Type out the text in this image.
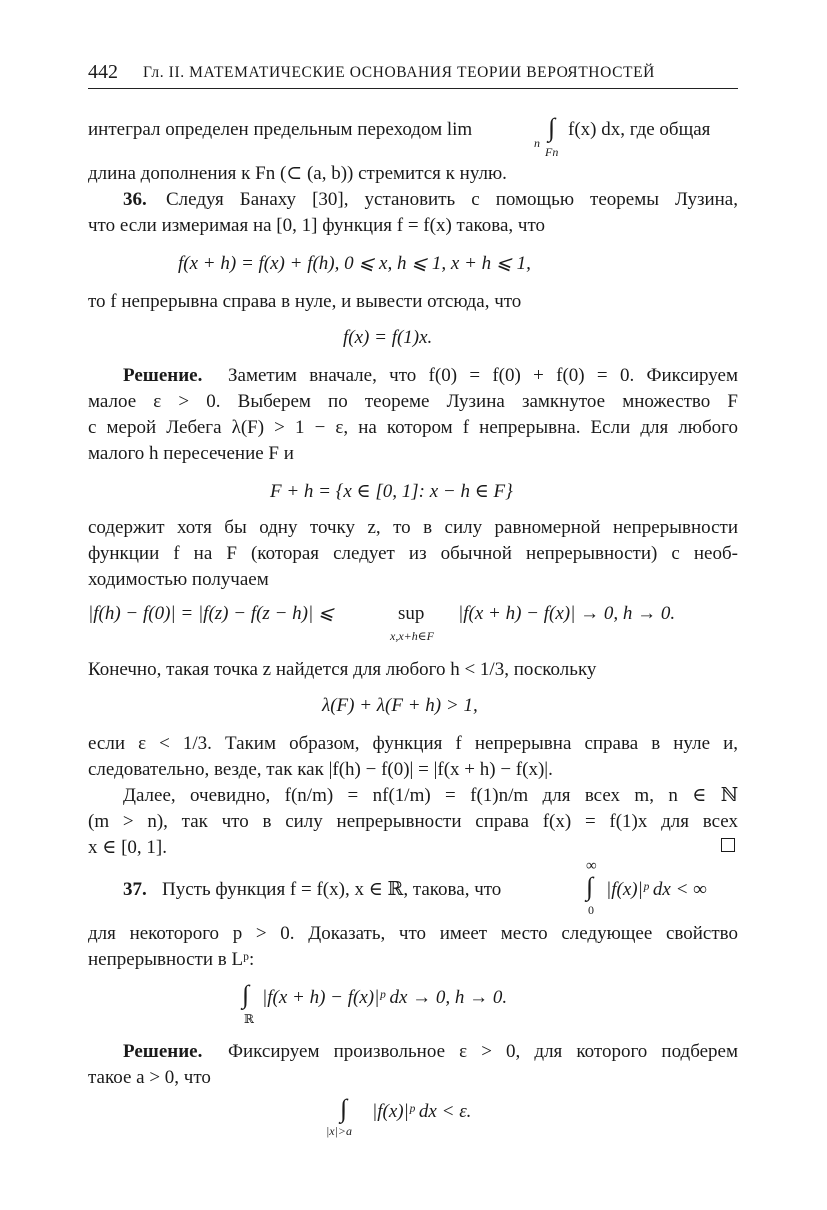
442 Гл. II. МАТЕМАТИЧЕСКИЕ ОСНОВАНИЯ ТЕОРИИ ВЕРОЯТНОСТЕЙ
интеграл определен предельным переходом lim
n
∫
Fn
f(x) dx, где общая
длина дополнения к Fn (⊂ (a, b)) стремится к нулю.
36. Следуя Банаху [30], установить с помощью теоремы Лузина,
что если измеримая на [0, 1] функция f = f(x) такова, что
f(x + h) = f(x) + f(h), 0 ⩽ x, h ⩽ 1, x + h ⩽ 1,
то f непрерывна справа в нуле, и вывести отсюда, что
f(x) = f(1)x.
Решение. Заметим вначале, что f(0) = f(0) + f(0) = 0. Фиксируем
малое ε > 0. Выберем по теореме Лузина замкнутое множество F
с мерой Лебега λ(F) > 1 − ε, на котором f непрерывна. Если для любого
малого h пересечение F и
F + h = {x ∈ [0, 1]: x − h ∈ F}
содержит хотя бы одну точку z, то в силу равномерной непрерывности
функции f на F (которая следует из обычной непрерывности) с необ-
ходимостью получаем
|f(h) − f(0)| = |f(z) − f(z − h)| ⩽	sup
x,x+h∈F
|f(x + h) − f(x)| → 0, h → 0.
Конечно, такая точка z найдется для любого h < 1/3, поскольку
λ(F) + λ(F + h) > 1,
если ε < 1/3. Таким образом, функция f непрерывна справа в нуле и,
следовательно, везде, так как |f(h) − f(0)| = |f(x + h) − f(x)|.
Далее, очевидно, f(n/m) = nf(1/m) = f(1)n/m для всех m, n ∈ ℕ
(m > n), так что в силу непрерывности справа f(x) = f(1)x для всех
x ∈ [0, 1].
37. Пусть функция f = f(x), x ∈ ℝ, такова, что
∞
∫
0
|f(x)|ᵖ dx < ∞
для некоторого p > 0. Доказать, что имеет место следующее свойство
непрерывности в Lᵖ:
∫
ℝ
|f(x + h) − f(x)|ᵖ dx → 0, h → 0.
Решение. Фиксируем произвольное ε > 0, для которого подберем
такое a > 0, что
∫
|x|>a
|f(x)|ᵖ dx < ε.
